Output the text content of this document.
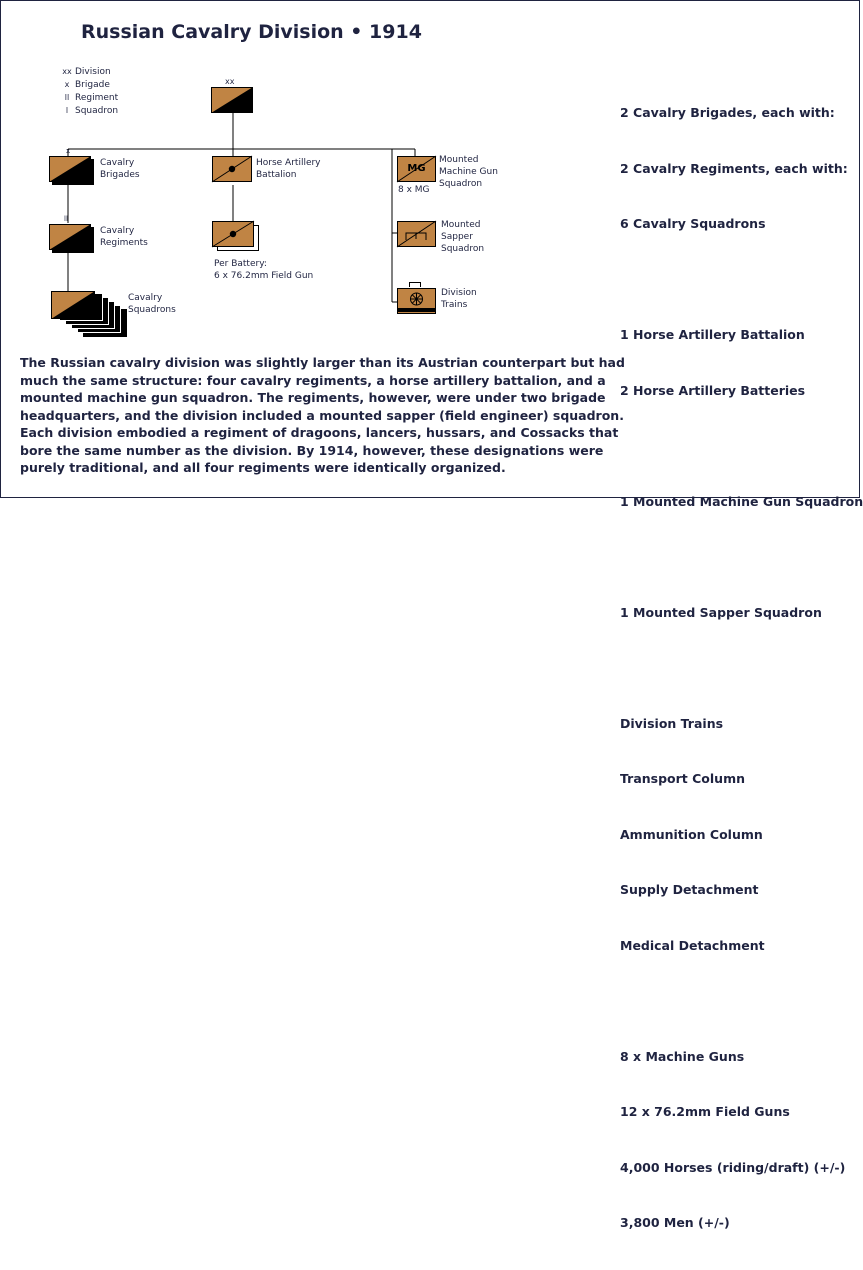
Russian Cavalry Division • 1914
xx Division
x Brigade
ll Regiment
l Squadron
xx
x
Cavalry
Brigades
ll
Cavalry
Regiments
Cavalry
Squadrons
Horse Artillery
Battalion
Per Battery:
6 x 76.2mm Field Gun
MG
Mounted
Machine Gun
Squadron
8 x MG
Mounted
Sapper
Squadron
Division
Trains

2 Cavalry Brigades, each with:

2 Cavalry Regiments, each with:

6 Cavalry Squadrons

1 Horse Artillery Battalion

2 Horse Artillery Batteries

1 Mounted Machine Gun Squadron

1 Mounted Sapper Squadron

Division Trains

Transport Column

Ammunition Column

Supply Detachment

Medical Detachment

8 x Machine Guns

12 x 76.2mm Field Guns

4,000 Horses (riding/draft) (+/-)

3,800 Men (+/-)

The Russian cavalry division was slightly larger than its Austrian counterpart but had
much the same structure: four cavalry regiments, a horse artillery battalion, and a
mounted machine gun squadron. The regiments, however, were under two brigade
headquarters, and the division included a mounted sapper (field engineer) squadron.
Each division embodied a regiment of dragoons, lancers, hussars, and Cossacks that
bore the same number as the division. By 1914, however, these designations were
purely traditional, and all four regiments were identically organized.
